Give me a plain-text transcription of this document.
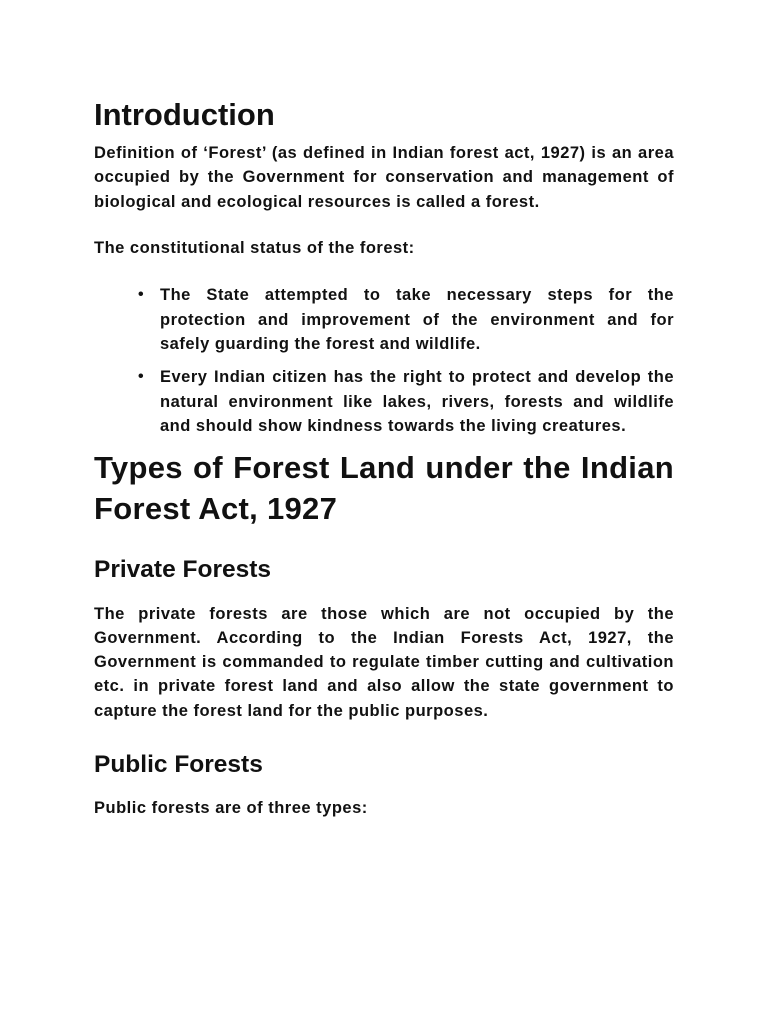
Introduction

Definition of ‘Forest’ (as defined in Indian forest act, 1927) is an area occupied by the Government for conservation and management of biological and ecological resources is called a forest.

The constitutional status of the forest:

• The State attempted to take necessary steps for the protection and improvement of the environment and for safely guarding the forest and wildlife.
• Every Indian citizen has the right to protect and develop the natural environment like lakes, rivers, forests and wildlife and should show kindness towards the living creatures.
Types of Forest Land under the Indian Forest Act, 1927
Private Forests

The private forests are those which are not occupied by the Government. According to the Indian Forests Act, 1927, the Government is commanded to regulate timber cutting and cultivation etc. in private forest land and also allow the state government to capture the forest land for the public purposes.

Public Forests

Public forests are of three types:
